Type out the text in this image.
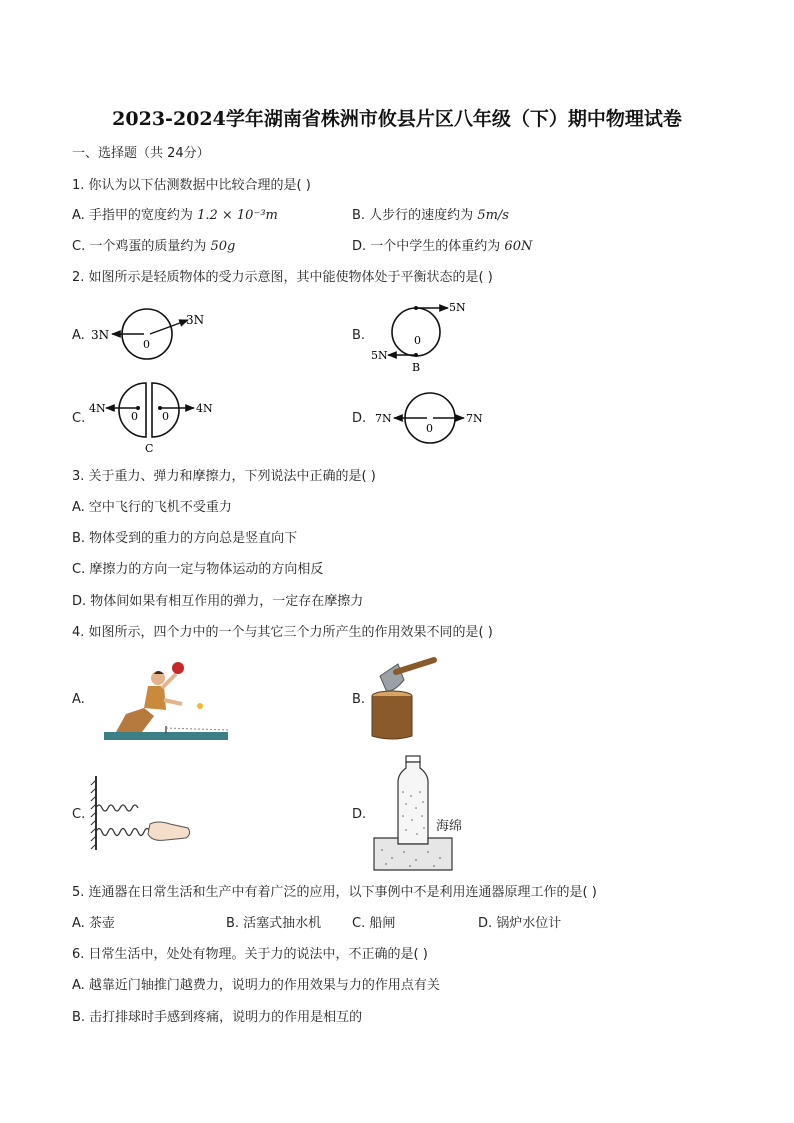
2023-2024学年湖南省株洲市攸县片区八年级（下）期中物理试卷
一、选择题（共 24分）
1. 你认为以下估测数据中比较合理的是( )
A. 手指甲的宽度约为 1.2 × 10⁻³m	B. 人步行的速度约为 5m/s
C. 一个鸡蛋的质量约为 50g	D. 一个中学生的体重约为 60N
2. 如图所示是轻质物体的受力示意图，其中能使物体处于平衡状态的是( )
A. 3N
3N
0
B.
5N
5N
0
B
C.
4N	4N
0 0
C
D. 7N	7N
0
3. 关于重力、弹力和摩擦力，下列说法中正确的是( )
A. 空中飞行的飞机不受重力
B. 物体受到的重力的方向总是竖直向下
C. 摩擦力的方向一定与物体运动的方向相反
D. 物体间如果有相互作用的弹力，一定存在摩擦力
4. 如图所示，四个力中的一个与其它三个力所产生的作用效果不同的是( )
A.	B.
C.	D.
海绵
5. 连通器在日常生活和生产中有着广泛的应用，以下事例中不是利用连通器原理工作的是( )
A. 茶壶	B. 活塞式抽水机 C. 船闸	D. 锅炉水位计
6. 日常生活中，处处有物理。关于力的说法中，不正确的是( )
A. 越靠近门轴推门越费力，说明力的作用效果与力的作用点有关
B. 击打排球时手感到疼痛，说明力的作用是相互的
